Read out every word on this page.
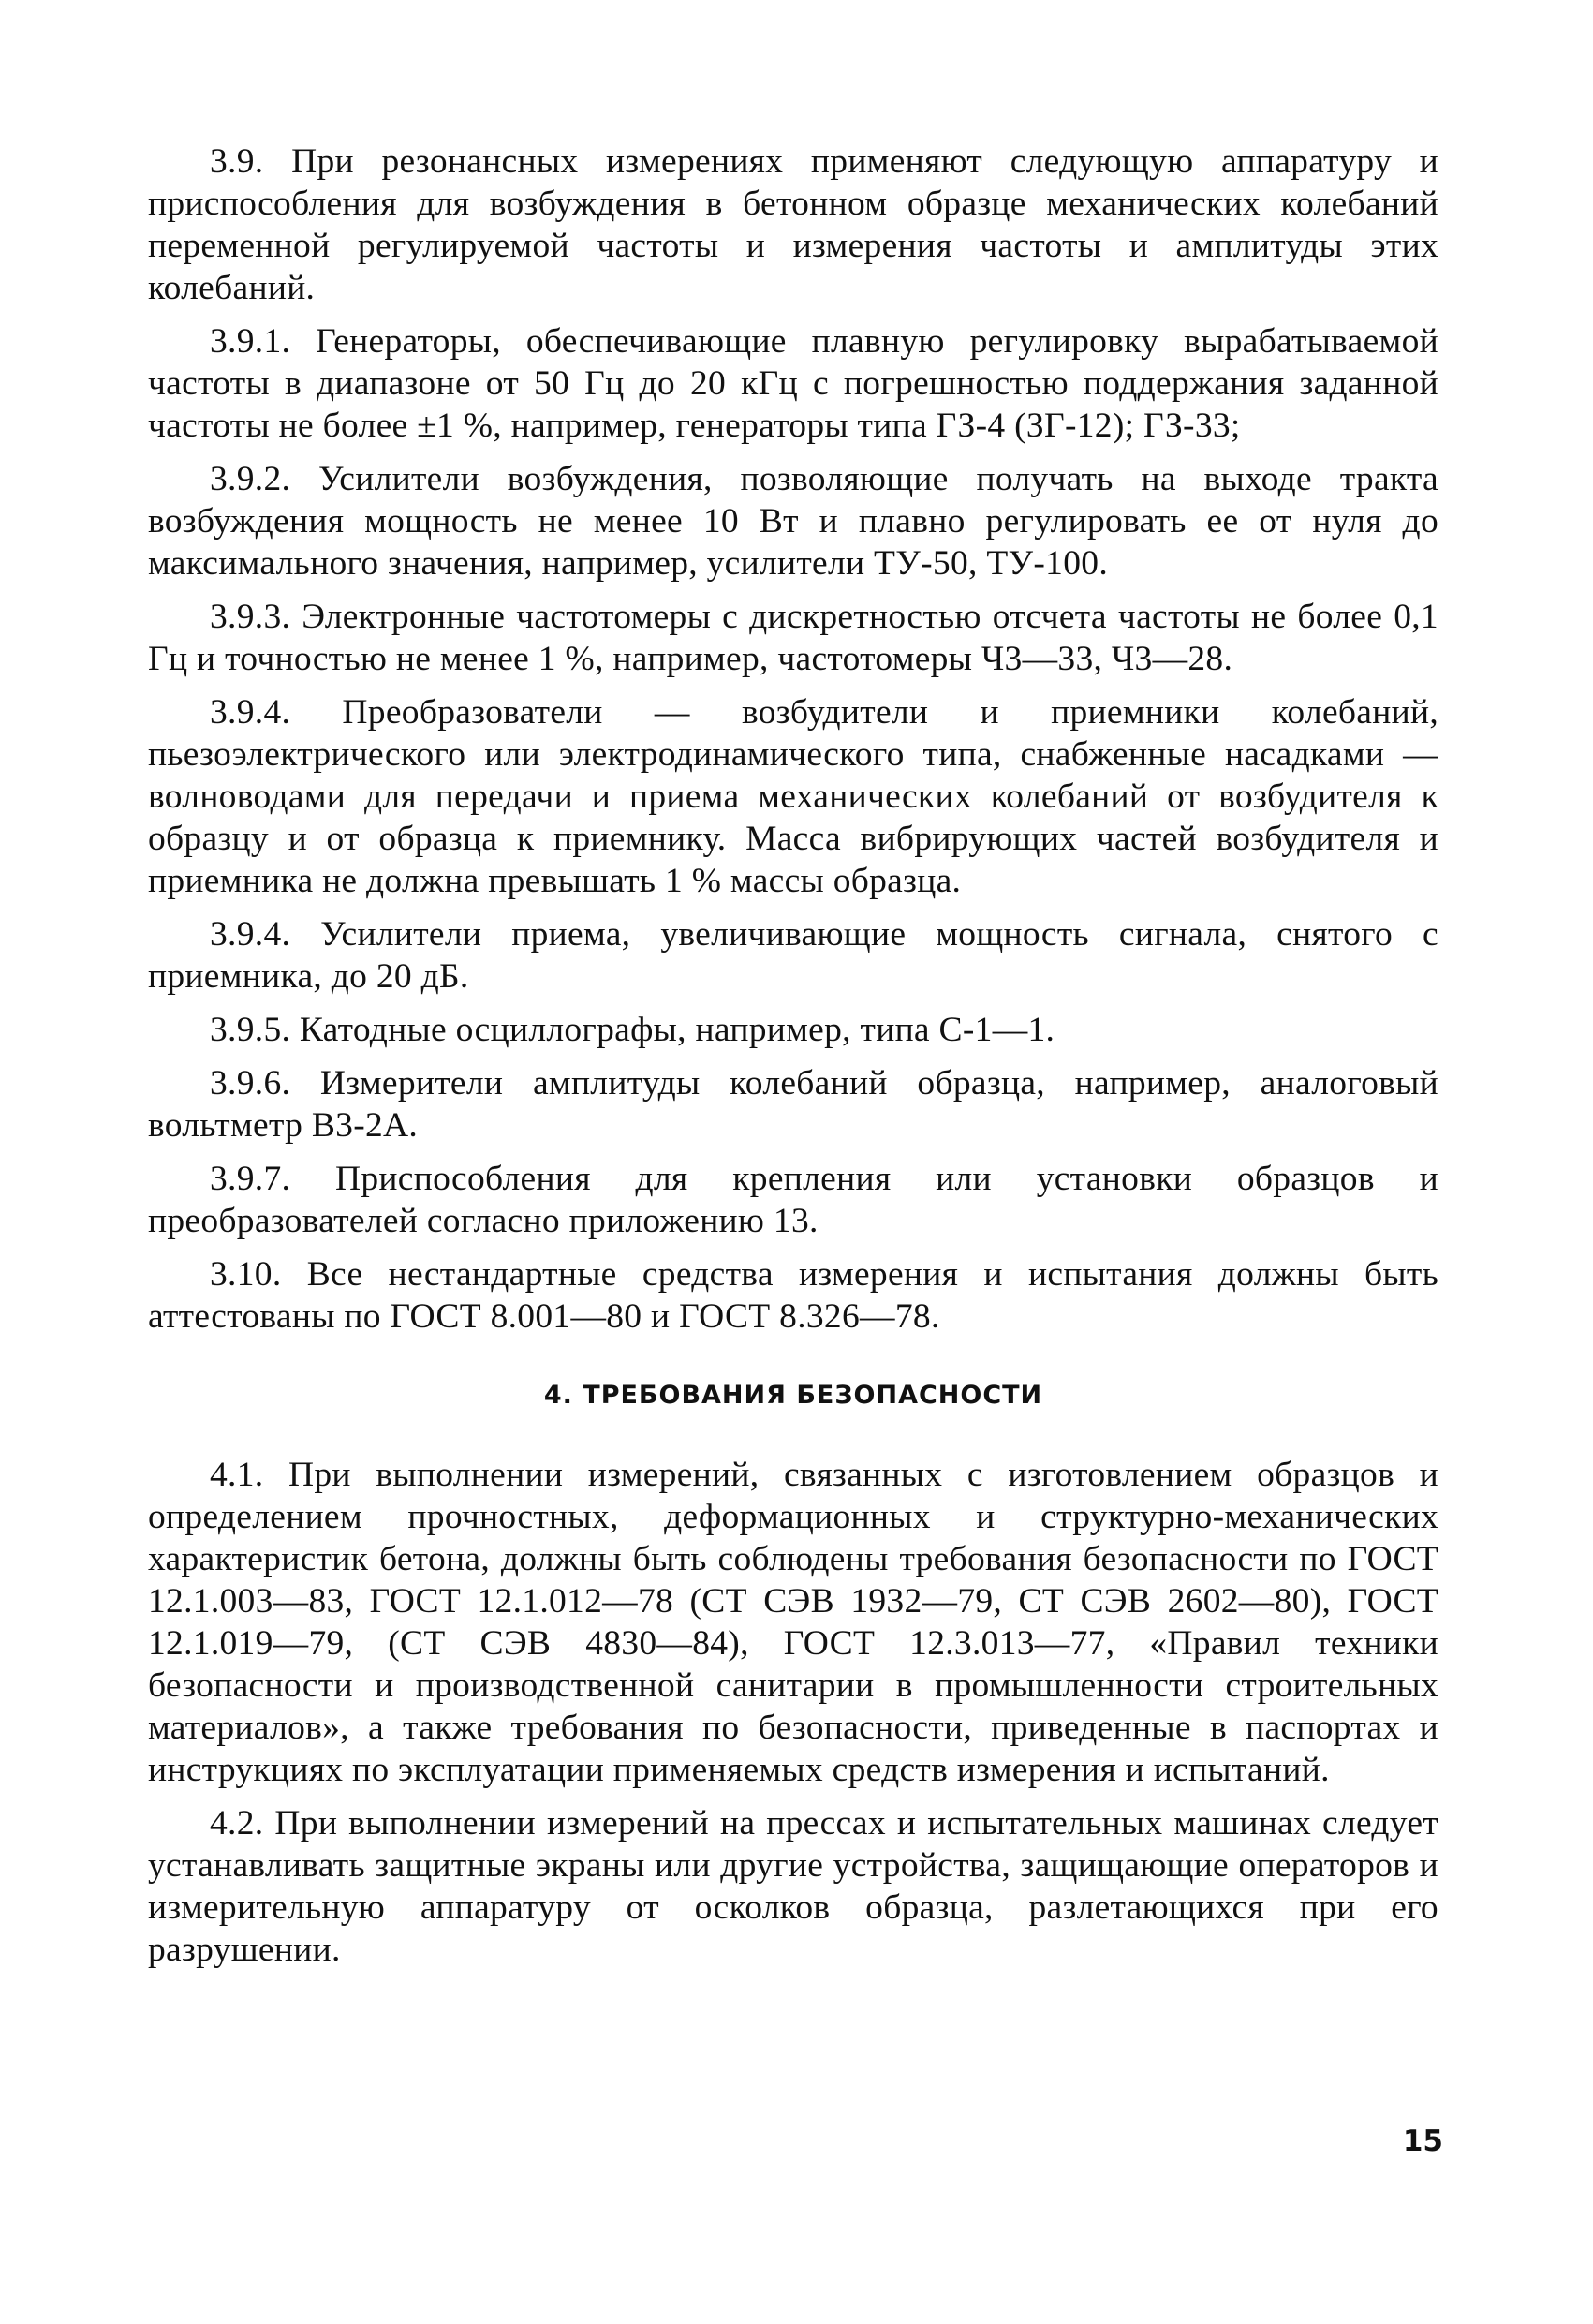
3.9. При резонансных измерениях применяют следующую аппаратуру и приспособления для возбуждения в бетонном образце механических колебаний переменной регулируемой частоты и измерения частоты и амплитуды этих колебаний.

3.9.1. Генераторы, обеспечивающие плавную регулировку вырабатываемой частоты в диапазоне от 50 Гц до 20 кГц с погрешностью поддержания заданной частоты не более ±1 %, например, генераторы типа ГЗ-4 (ЗГ-12); ГЗ-33;

3.9.2. Усилители возбуждения, позволяющие получать на выходе тракта возбуждения мощность не менее 10 Вт и плавно регулировать ее от нуля до максимального значения, например, усилители ТУ-50, ТУ-100.

3.9.3. Электронные частотомеры с дискретностью отсчета частоты не более 0,1 Гц и точностью не менее 1 %, например, частотомеры Ч3—33, Ч3—28.

3.9.4. Преобразователи — возбудители и приемники колебаний, пьезоэлектрического или электродинамического типа, снабженные насадками — волноводами для передачи и приема механических колебаний от возбудителя к образцу и от образца к приемнику. Масса вибрирующих частей возбудителя и приемника не должна превышать 1 % массы образца.

3.9.4. Усилители приема, увеличивающие мощность сигнала, снятого с приемника, до 20 дБ.

3.9.5. Катодные осциллографы, например, типа С-1—1.

3.9.6. Измерители амплитуды колебаний образца, например, аналоговый вольтметр В3-2А.

3.9.7. Приспособления для крепления или установки образцов и преобразователей согласно приложению 13.

3.10. Все нестандартные средства измерения и испытания должны быть аттестованы по ГОСТ 8.001—80 и ГОСТ 8.326—78.

4. ТРЕБОВАНИЯ БЕЗОПАСНОСТИ

4.1. При выполнении измерений, связанных с изготовлением образцов и определением прочностных, деформационных и структурно-механических характеристик бетона, должны быть соблюдены требования безопасности по ГОСТ 12.1.003—83, ГОСТ 12.1.012—78 (СТ СЭВ 1932—79, СТ СЭВ 2602—80), ГОСТ 12.1.019—79, (СТ СЭВ 4830—84), ГОСТ 12.3.013—77, «Правил техники безопасности и производственной санитарии в промышленности строительных материалов», а также требования по безопасности, приведенные в паспортах и инструкциях по эксплуатации применяемых средств измерения и испытаний.

4.2. При выполнении измерений на прессах и испытательных машинах следует устанавливать защитные экраны или другие устройства, защищающие операторов и измерительную аппаратуру от осколков образца, разлетающихся при его разрушении.

15
